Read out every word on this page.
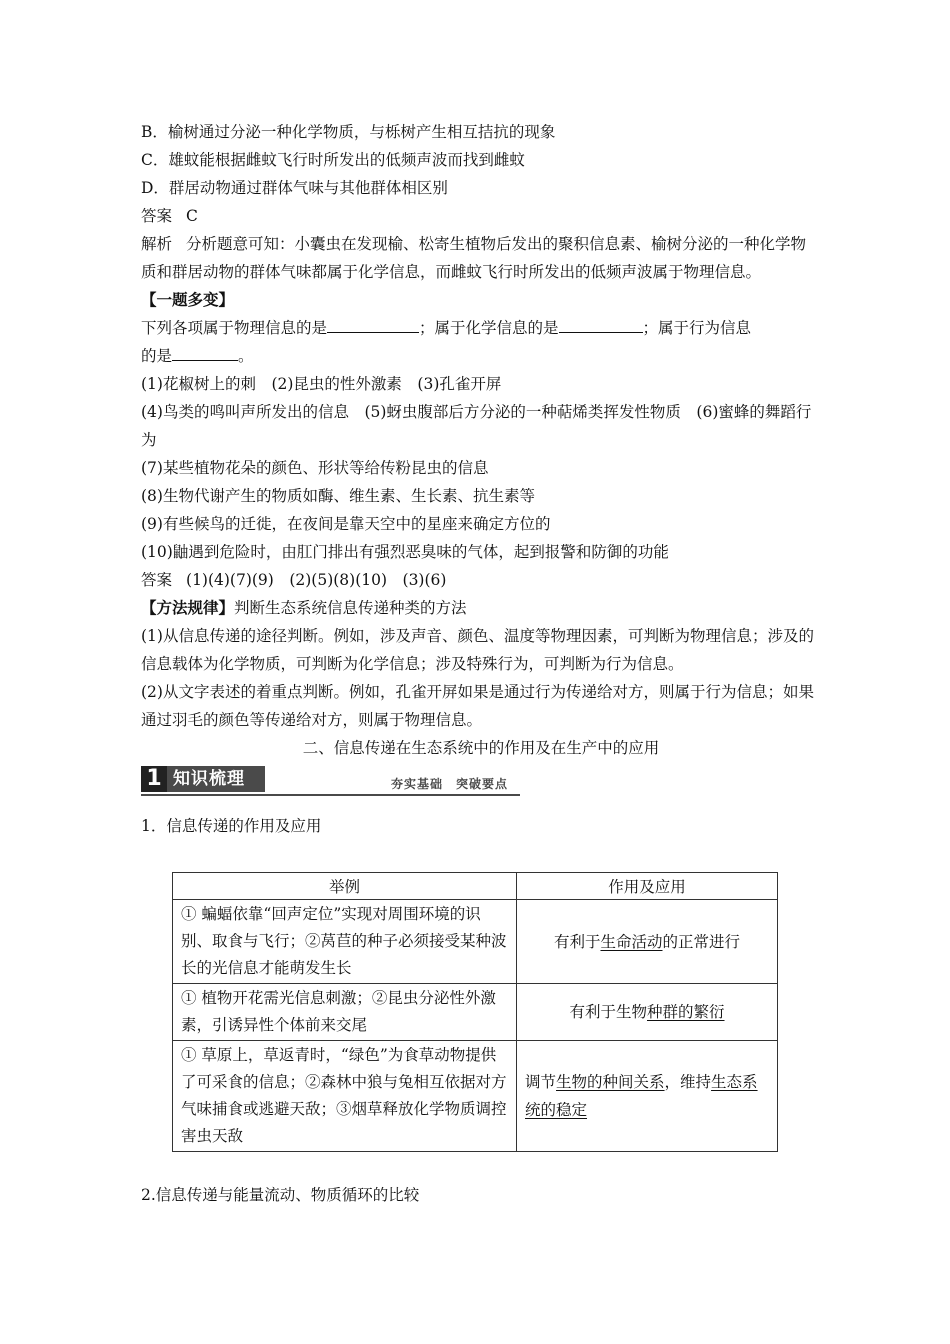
B．榆树通过分泌一种化学物质，与栎树产生相互拮抗的现象
C．雄蚊能根据雌蚊飞行时所发出的低频声波而找到雌蚊
D．群居动物通过群体气味与其他群体相区别
答案 C
解析 分析题意可知：小囊虫在发现榆、松寄生植物后发出的聚积信息素、榆树分泌的一种化学物质和群居动物的群体气味都属于化学信息，而雌蚊飞行时所发出的低频声波属于物理信息。
【一题多变】
下列各项属于物理信息的是	；属于化学信息的是	；属于行为信息
的是	。
(1)花椒树上的刺　(2)昆虫的性外激素　(3)孔雀开屏
(4)鸟类的鸣叫声所发出的信息　(5)蚜虫腹部后方分泌的一种萜烯类挥发性物质　(6)蜜蜂的舞蹈行为
(7)某些植物花朵的颜色、形状等给传粉昆虫的信息
(8)生物代谢产生的物质如酶、维生素、生长素、抗生素等
(9)有些候鸟的迁徙，在夜间是靠天空中的星座来确定方位的
(10)鼬遇到危险时，由肛门排出有强烈恶臭味的气体，起到报警和防御的功能
答案 (1)(4)(7)(9)　(2)(5)(8)(10)　(3)(6)
【方法规律】判断生态系统信息传递种类的方法
(1)从信息传递的途径判断。例如，涉及声音、颜色、温度等物理因素，可判断为物理信息；涉及的信息载体为化学物质，可判断为化学信息；涉及特殊行为，可判断为行为信息。
(2)从文字表述的着重点判断。例如，孔雀开屏如果是通过行为传递给对方，则属于行为信息；如果通过羽毛的颜色等传递给对方，则属于物理信息。
二、信息传递在生态系统中的作用及在生产中的应用
1 知识梳理	夯实基础　突破要点
1．信息传递的作用及应用
举例	作用及应用
① 蝙蝠依靠“回声定位”实现对周围环境的识别、取食与飞行；②莴苣的种子必须接受某种波长的光信息才能萌发生长	有利于生命活动的正常进行
① 植物开花需光信息刺激；②昆虫分泌性外激素，引诱异性个体前来交尾	有利于生物种群的繁衍
① 草原上，草返青时，“绿色”为食草动物提供了可采食的信息；②森林中狼与兔相互依据对方气味捕食或逃避天敌；③烟草释放化学物质调控害虫天敌	调节生物的种间关系，维持生态系统的稳定
2.信息传递与能量流动、物质循环的比较
